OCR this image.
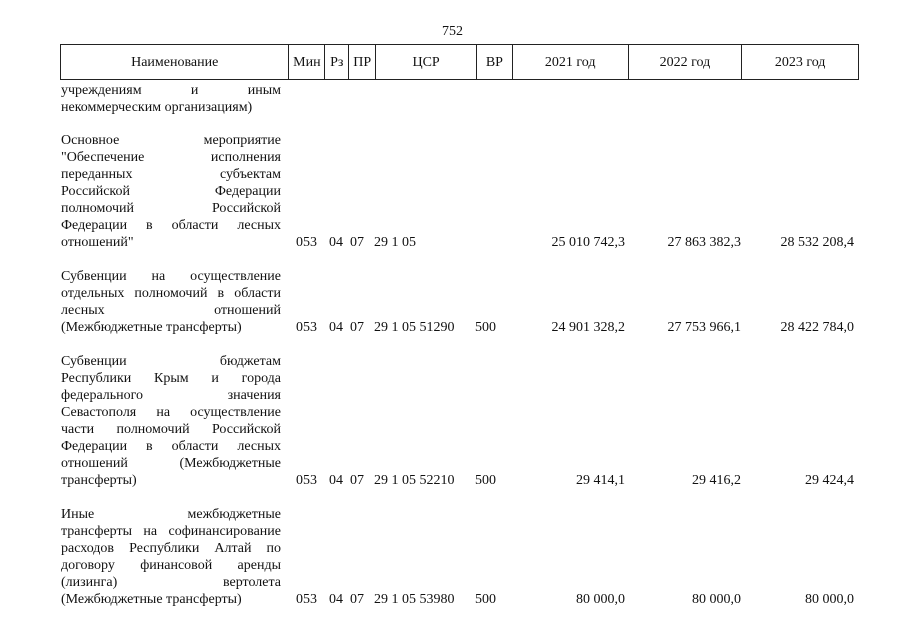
752
Наименование	Мин Рз ПР	ЦСР	ВР	2021 год	2022 год	2023 год
учреждениям и иным
некоммерческим организациям)
Основное мероприятие
"Обеспечение исполнения
переданных субъектам
Российской Федерации
полномочий Российской
Федерации в области лесных
отношений"	053 04 07 29 1 05	25 010 742,3	27 863 382,3	28 532 208,4
Субвенции на осуществление
отдельных полномочий в области
лесных отношений
(Межбюджетные трансферты)	053 04 07 29 1 05 51290	500	24 901 328,2	27 753 966,1	28 422 784,0
Субвенции бюджетам
Республики Крым и города
федерального значения
Севастополя на осуществление
части полномочий Российской
Федерации в области лесных
отношений (Межбюджетные
трансферты)	053 04 07 29 1 05 52210	500	29 414,1	29 416,2	29 424,4
Иные межбюджетные
трансферты на софинансирование
расходов Республики Алтай по
договору финансовой аренды
(лизинга) вертолета
(Межбюджетные трансферты)	053 04 07 29 1 05 53980	500	80 000,0	80 000,0	80 000,0
